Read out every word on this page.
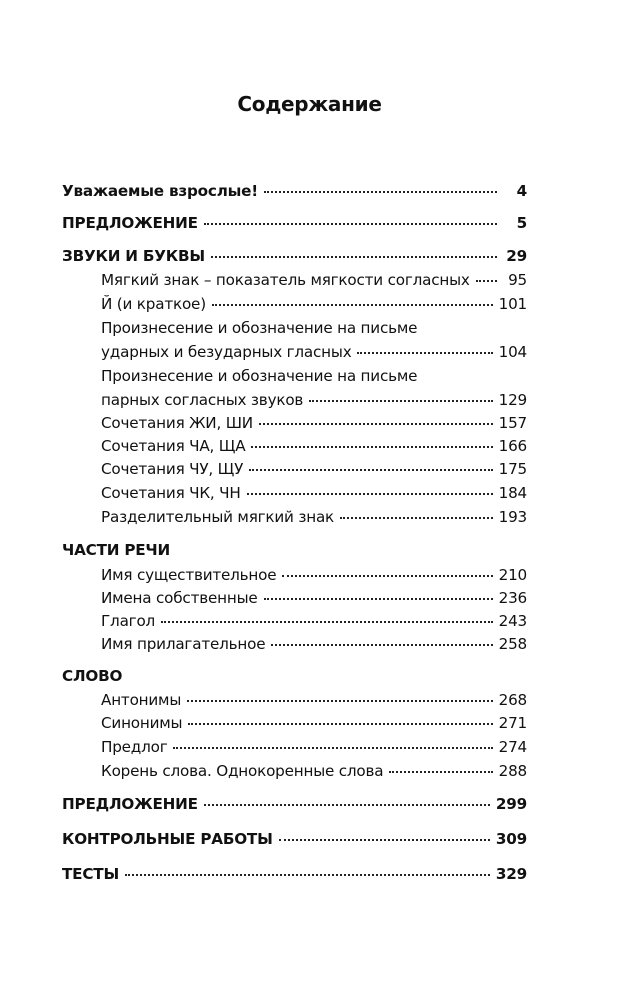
Содержание
Уважаемые взрослые!	4
ПРЕДЛОЖЕНИЕ	5
ЗВУКИ И БУКВЫ	29
Мягкий знак – показатель мягкости согласных	95
Й (и краткое)	101
Произнесение и обозначение на письме
ударных и безударных гласных	104
Произнесение и обозначение на письме
парных согласных звуков	129
Сочетания ЖИ, ШИ	157
Сочетания ЧА, ЩА	166
Сочетания ЧУ, ЩУ	175
Сочетания ЧК, ЧН	184
Разделительный мягкий знак	193
ЧАСТИ РЕЧИ
Имя существительное	210
Имена собственные	236
Глагол	243
Имя прилагательное	258
СЛОВО
Антонимы	268
Синонимы	271
Предлог	274
Корень слова. Однокоренные слова	288
ПРЕДЛОЖЕНИЕ	299
КОНТРОЛЬНЫЕ РАБОТЫ	309
ТЕСТЫ	329
